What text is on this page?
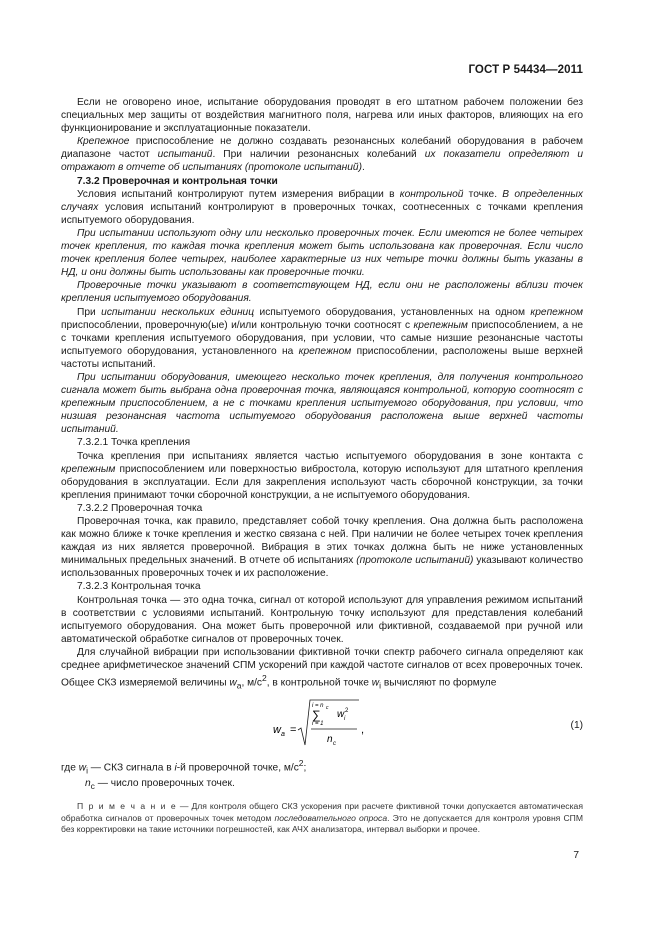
ГОСТ Р 54434—2011

Если не оговорено иное, испытание оборудования проводят в его штатном рабочем положении без специальных мер защиты от воздействия магнитного поля, нагрева или иных факторов, влияющих на его функционирование и эксплуатационные показатели.

Крепежное приспособление не должно создавать резонансных колебаний оборудования в рабочем диапазоне частот испытаний. При наличии резонансных колебаний их показатели определяют и отражают в отчете об испытаниях (протоколе испытаний).

7.3.2 Проверочная и контрольная точки

Условия испытаний контролируют путем измерения вибрации в контрольной точке. В определенных случаях условия испытаний контролируют в проверочных точках, соотнесенных с точками крепления испытуемого оборудования.

При испытании используют одну или несколько проверочных точек. Если имеются не более четырех точек крепления, то каждая точка крепления может быть использована как проверочная. Если число точек крепления более четырех, наиболее характерные из них четыре точки должны быть указаны в НД, и они должны быть использованы как проверочные точки.

Проверочные точки указывают в соответствующем НД, если они не расположены вблизи точек крепления испытуемого оборудования.

При испытании нескольких единиц испытуемого оборудования, установленных на одном крепежном приспособлении, проверочную(ые) и/или контрольную точки соотносят с крепежным приспособлением, а не с точками крепления испытуемого оборудования, при условии, что самые низшие резонансные частоты испытуемого оборудования, установленного на крепежном приспособлении, расположены выше верхней частоты испытаний.

При испытании оборудования, имеющего несколько точек крепления, для получения контрольного сигнала может быть выбрана одна проверочная точка, являющаяся контрольной, которую соотносят с крепежным приспособлением, а не с точками крепления испытуемого оборудования, при условии, что низшая резонансная частота испытуемого оборудования расположена выше верхней частоты испытаний.

7.3.2.1 Точка крепления

Точка крепления при испытаниях является частью испытуемого оборудования в зоне контакта с крепежным приспособлением или поверхностью вибростола, которую используют для штатного крепления оборудования в эксплуатации. Если для закрепления используют часть сборочной конструкции, за точки крепления принимают точки сборочной конструкции, а не испытуемого оборудования.

7.3.2.2 Проверочная точка

Проверочная точка, как правило, представляет собой точку крепления. Она должна быть расположена как можно ближе к точке крепления и жестко связана с ней. При наличии не более четырех точек крепления каждая из них является проверочной. Вибрация в этих точках должна быть не ниже установленных минимальных предельных значений. В отчете об испытаниях (протоколе испытаний) указывают количество использованных проверочных точек и их расположение.

7.3.2.3 Контрольная точка

Контрольная точка — это одна точка, сигнал от которой используют для управления режимом испытаний в соответствии с условиями испытаний. Контрольную точку используют для представления колебаний испытуемого оборудования. Она может быть проверочной или фиктивной, создаваемой при ручной или автоматической обработке сигналов от проверочных точек.

Для случайной вибрации при использовании фиктивной точки спектр рабочего сигнала определяют как среднее арифметическое значений СПМ ускорений при каждой частоте сигналов от всех проверочных точек. Общее СКЗ измеряемой величины $w_a$, $м/с^2$, в контрольной точке $w_i$ вычисляют по формуле

w a =
i = n c
∑
i = 1
w i
2
n c
,	(1)

где $w_i$ — СКЗ сигнала в i-й проверочной точке, $м/с^2$;

$n_c$ — число проверочных точек.

П р и м е ч а н и е — Для контроля общего СКЗ ускорения при расчете фиктивной точки допускается автоматическая обработка сигналов от проверочных точек методом последовательного опроса. Это не допускается для контроля уровня СПМ без корректировки на такие источники погрешностей, как АЧХ анализатора, интервал выборки и прочее.
7
